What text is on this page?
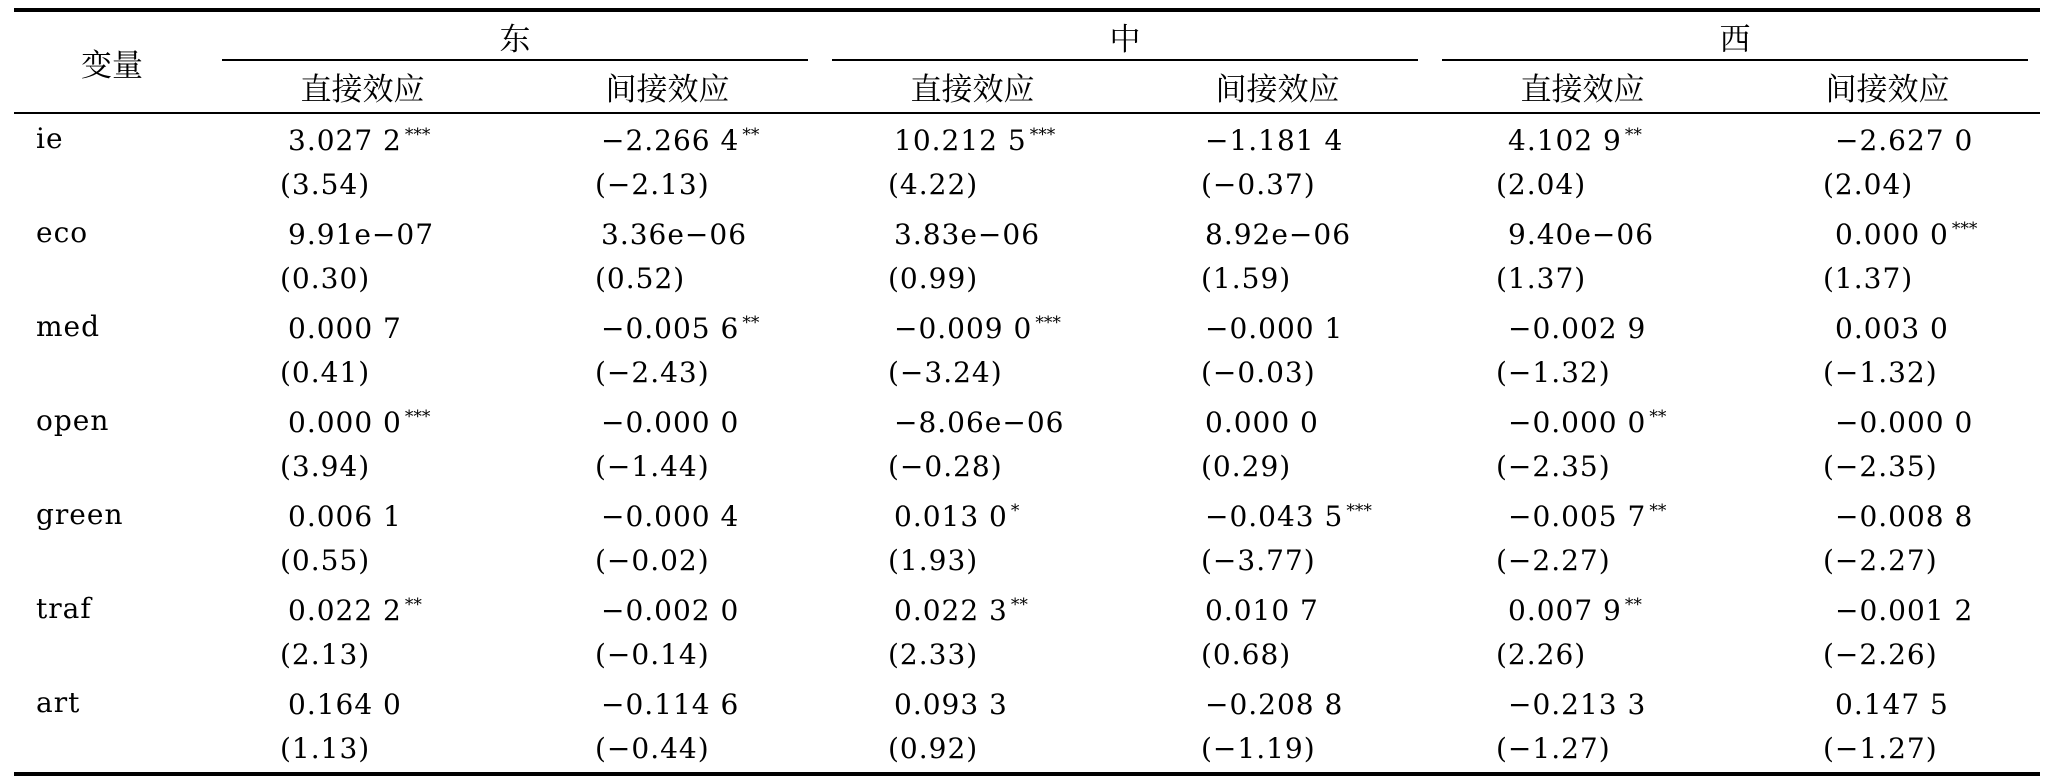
变量	东		中		西	

	直接效应	间接效应	直接效应	间接效应	直接效应	间接效应
ie	3.027 2 ***	−2.266 4 **	10.212 5 ***	−1.181 4	4.102 9 **	−2.627 0
	(3.54)	(−2.13)	(4.22)	(−0.37)	(2.04)	(2.04)
eco	9.91e−07	3.36e−06	3.83e−06	8.92e−06	9.40e−06	0.000 0 ***
	(0.30)	(0.52)	(0.99)	(1.59)	(1.37)	(1.37)
med	0.000 7	−0.005 6 **	−0.009 0 ***	−0.000 1	−0.002 9	0.003 0
	(0.41)	(−2.43)	(−3.24)	(−0.03)	(−1.32)	(−1.32)
open	0.000 0 ***	−0.000 0	−8.06e−06	0.000 0	−0.000 0 **	−0.000 0
	(3.94)	(−1.44)	(−0.28)	(0.29)	(−2.35)	(−2.35)
green	0.006 1	−0.000 4	0.013 0 *	−0.043 5 ***	−0.005 7 **	−0.008 8
	(0.55)	(−0.02)	(1.93)	(−3.77)	(−2.27)	(−2.27)
traf	0.022 2 **	−0.002 0	0.022 3 **	0.010 7	0.007 9 **	−0.001 2
	(2.13)	(−0.14)	(2.33)	(0.68)	(2.26)	(−2.26)
art	0.164 0	−0.114 6	0.093 3	−0.208 8	−0.213 3	0.147 5
	(1.13)	(−0.44)	(0.92)	(−1.19)	(−1.27)	(−1.27)
